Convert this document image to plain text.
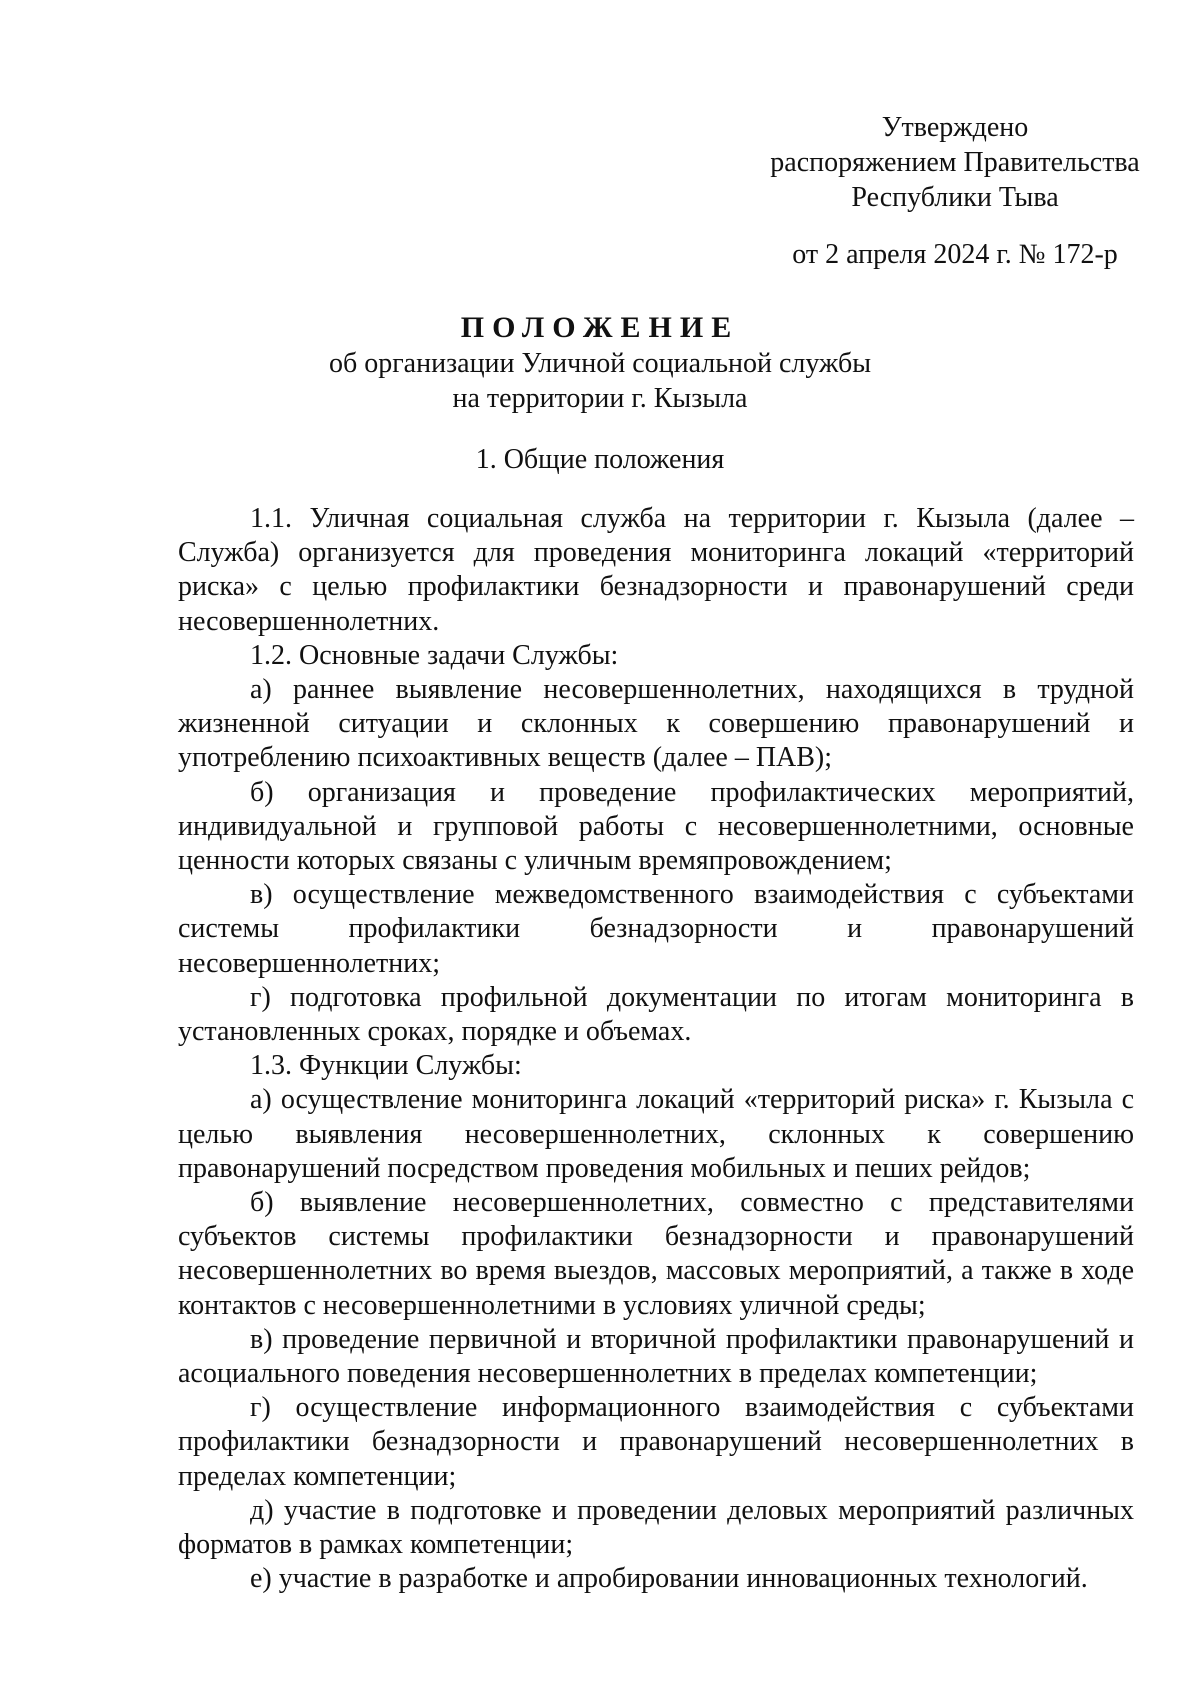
Утверждено
распоряжением Правительства
Республики Тыва
от 2 апреля 2024 г. № 172-р
ПОЛОЖЕНИЕ
об организации Уличной социальной службы
на территории г. Кызыла
1. Общие положения

1.1. Уличная социальная служба на территории г. Кызыла (далее – Служба) организуется для проведения мониторинга локаций «территорий риска» с целью профилактики безнадзорности и правонарушений среди несовершеннолетних.

1.2. Основные задачи Службы:

а) раннее выявление несовершеннолетних, находящихся в трудной жизненной ситуации и склонных к совершению правонарушений и употреблению психоактивных веществ (далее – ПАВ);

б) организация и проведение профилактических мероприятий, индивидуальной и групповой работы с несовершеннолетними, основные ценности которых связаны с уличным времяпровождением;

в) осуществление межведомственного взаимодействия с субъектами системы профилактики безнадзорности и правонарушений несовершеннолетних;

г) подготовка профильной документации по итогам мониторинга в установленных сроках, порядке и объемах.

1.3. Функции Службы:

а) осуществление мониторинга локаций «территорий риска» г. Кызыла с целью выявления несовершеннолетних, склонных к совершению правонарушений посредством проведения мобильных и пеших рейдов;

б) выявление несовершеннолетних, совместно с представителями субъектов системы профилактики безнадзорности и правонарушений несовершеннолетних во время выездов, массовых мероприятий, а также в ходе контактов с несовершеннолетними в условиях уличной среды;

в) проведение первичной и вторичной профилактики правонарушений и асоциального поведения несовершеннолетних в пределах компетенции;

г) осуществление информационного взаимодействия с субъектами профилактики безнадзорности и правонарушений несовершеннолетних в пределах компетенции;

д) участие в подготовке и проведении деловых мероприятий различных форматов в рамках компетенции;

е) участие в разработке и апробировании инновационных технологий.
